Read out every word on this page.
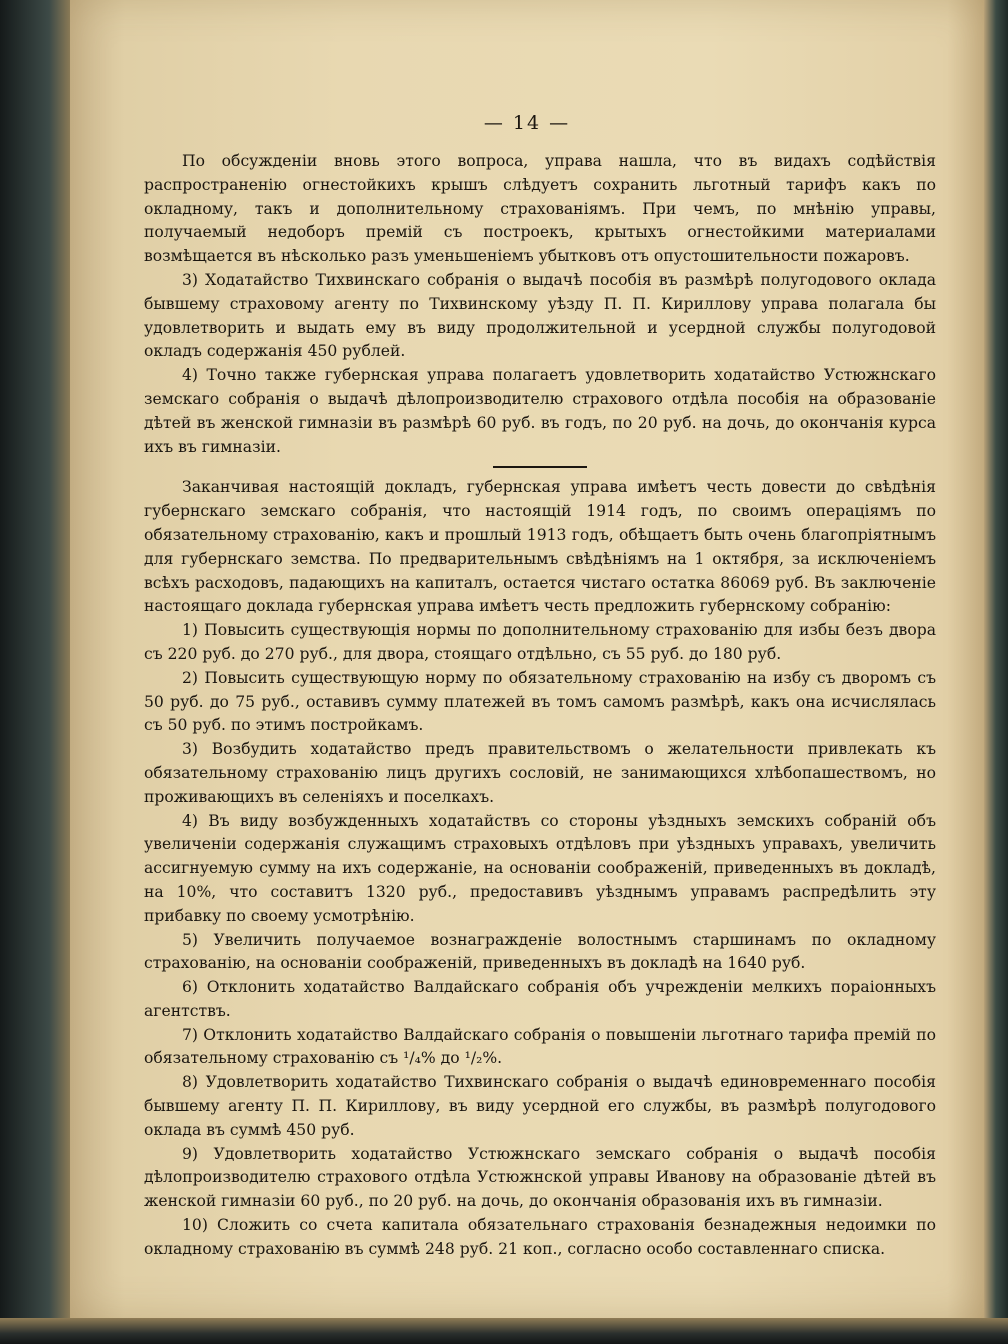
— 14 —

По обсужденіи вновь этого вопроса, управа нашла, что въ видахъ содѣйствія распространенію огнестойкихъ крышъ слѣдуетъ сохранить льготный тарифъ какъ по окладному, такъ и дополнительному страхованіямъ. При чемъ, по мнѣнію управы, получаемый недоборъ премій съ построекъ, крытыхъ огнестойкими материалами возмѣщается въ нѣсколько разъ уменьшеніемъ убытковъ отъ опустошительности пожаровъ.

3) Ходатайство Тихвинскаго собранія о выдачѣ пособія въ размѣрѣ полугодового оклада бывшему страховому агенту по Тихвинскому уѣзду П. П. Кириллову управа полагала бы удовлетворить и выдать ему въ виду продолжительной и усердной службы полугодовой окладъ содержанія 450 рублей.

4) Точно также губернская управа полагаетъ удовлетворить ходатайство Устюжнскаго земскаго собранія о выдачѣ дѣлопроизводителю страхового отдѣла пособія на образованіе дѣтей въ женской гимназіи въ размѣрѣ 60 руб. въ годъ, по 20 руб. на дочь, до окончанія курса ихъ въ гимназіи.

Заканчивая настоящій докладъ, губернская управа имѣетъ честь довести до свѣдѣнія губернскаго земскаго собранія, что настоящій 1914 годъ, по своимъ операціямъ по обязательному страхованію, какъ и прошлый 1913 годъ, обѣщаетъ быть очень благопріятнымъ для губернскаго земства. По предварительнымъ свѣдѣніямъ на 1 октября, за исключеніемъ всѣхъ расходовъ, падающихъ на капиталъ, остается чистаго остатка 86069 руб. Въ заключеніе настоящаго доклада губернская управа имѣетъ честь предложить губернскому собранію:

1) Повысить существующія нормы по дополнительному страхованію для избы безъ двора съ 220 руб. до 270 руб., для двора, стоящаго отдѣльно, съ 55 руб. до 180 руб.

2) Повысить существующую норму по обязательному страхованію на избу съ дворомъ съ 50 руб. до 75 руб., оставивъ сумму платежей въ томъ самомъ размѣрѣ, какъ она исчислялась съ 50 руб. по этимъ постройкамъ.

3) Возбудить ходатайство предъ правительствомъ о желательности привлекать къ обязательному страхованію лицъ другихъ сословій, не занимающихся хлѣбопашествомъ, но проживающихъ въ селеніяхъ и поселкахъ.

4) Въ виду возбужденныхъ ходатайствъ со стороны уѣздныхъ земскихъ собраній объ увеличеніи содержанія служащимъ страховыхъ отдѣловъ при уѣздныхъ управахъ, увеличить ассигнуемую сумму на ихъ содержаніе, на основаніи соображеній, приведенныхъ въ докладѣ, на 10%, что составитъ 1320 руб., предоставивъ уѣзднымъ управамъ распредѣлить эту прибавку по своему усмотрѣнію.

5) Увеличить получаемое вознагражденіе волостнымъ старшинамъ по окладному страхованію, на основаніи соображеній, приведенныхъ въ докладѣ на 1640 руб.

6) Отклонить ходатайство Валдайскаго собранія объ учрежденіи мелкихъ пораіонныхъ агентствъ.

7) Отклонить ходатайство Валдайскаго собранія о повышеніи льготнаго тарифа премій по обязательному страхованію съ ¹/₄% до ¹/₂%.

8) Удовлетворить ходатайство Тихвинскаго собранія о выдачѣ единовременнаго пособія бывшему агенту П. П. Кириллову, въ виду усердной его службы, въ размѣрѣ полугодового оклада въ суммѣ 450 руб.

9) Удовлетворить ходатайство Устюжнскаго земскаго собранія о выдачѣ пособія дѣлопроизводителю страхового отдѣла Устюжнской управы Иванову на образованіе дѣтей въ женской гимназіи 60 руб., по 20 руб. на дочь, до окончанія образованія ихъ въ гимназіи.

10) Сложить со счета капитала обязательнаго страхованія безнадежныя недоимки по окладному страхованію въ суммѣ 248 руб. 21 коп., согласно особо составленнаго списка.
